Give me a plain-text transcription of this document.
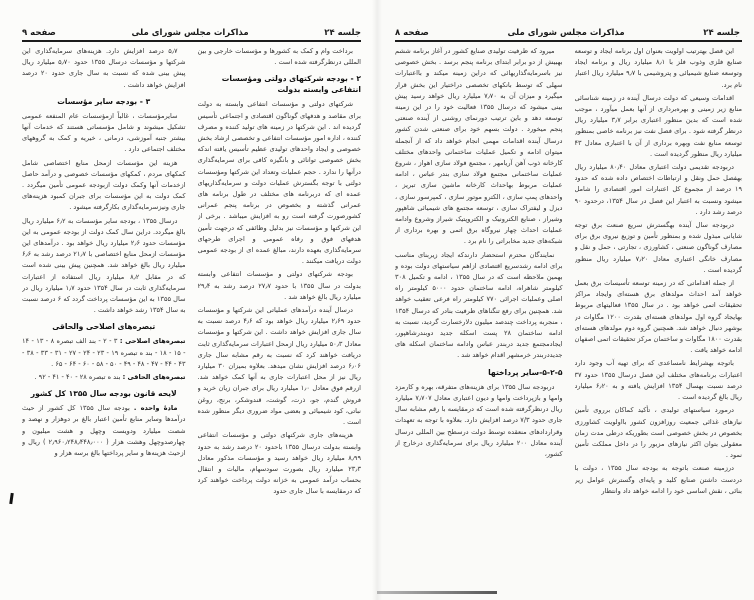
جلسه ۲۴
مذاکرات مجلس شورای ملی
صفحه ۹

برداخت وام و کمک به کشورها و مؤسسات خارجی و بین المللی درنظرگرفته شده است .

۲ - بودجه شرکتهای دولتی ومؤسسات انتفاعی وابسته بدولت

شرکتهای دولتی و مؤسسات انتفاعی وابسته به دولت برای مقاصد و هدفهای گوناگون اقتصادی و اجتماعی تأسیس گردیده اند . این شرکتها در زمینه های تولید کننده و مصرف کننده ، اداره امور مؤسسات انتفاعی و تخصصی ارشاد بخش خصوصی و ایجاد واحدهای تولیدی عظیم تأسیس یافته اندکه بخش خصوصی توانائی و بانگیزه کافی برای سرمایه‌گذاری درآنها را ندارد . حجم عملیات وتعداد این شرکتها ومؤسسات دولتی با توجه بگسترش عملیات دولت و سرمایه‌گذاریهای عمده ای که دربرنامه های مختلف در طول برنامه های عمرانی گذشته و بخصوص در برنامه پنجم عمرانی کشورصورت گرفته است رو به افزایش میباشد . برخی از این شرکتها و مؤسسات نیز بدلیل وظائفی که درجهت تأمین هدفهای فوق و رفاه عمومی و اجرای طرحهای سرمایه‌گذاری بعهده دارند، مبالغ عمده ای از بودجه عمومی دولت دریافت میکنند .

بودجه شرکتهای دولتی و مؤسسات انتفاعی وابسته بدولت در سال ۱۳۵۵ با حدود ۲۷٫۷ درصد رشد به ۲۹٫۴ میلیارد ریال بالغ خواهد شد .

درسال آینده درآمدهای عملیاتی این شرکتها و مؤسسات حدود ۲٫۶۹ میلیارد ریال خواهد بود که ۴٫۶ درصد نسبت به سال جاری افزایش خواهد داشت . این شرکتها و مؤسسات معادل ۵۰٫۳ میلیارد ریال ازمحل اعتبارات سرمایه‌گذاری ثابت دریافت خواهند کرد که نسبت به رقم مشابه سال جاری ۶٫۰۶ درصد افزایش نشان میدهد. بعلاوه بمیزان ۳۰ میلیارد ریال نیز از محل اعتبارات جاری به آنها کمک خواهد شد. ازرقم فوق معادل ۱٫۰ میلیارد ریال برای جبران زیان خرید و فروش گندم، جو، ذرت، گوشت، قندوشکر، برنج، روغن نباتی، کود شیمیائی و بعضی مواد ضروری دیگر منظور شده است .

هزینه‌های جاری شرکتهای دولتی و مؤسسات انتفاعی وابسته بدولت درسال ۱۳۵۵ باحدود ۲۰ درصد رشد به حدود ۸٫۹۹ میلیارد ریال خواهد رسید و مؤسسات مذکور معادل ۲۳٫۳ میلیارد ریال بصورت سودسهام، مالیات و انتقال بحساب درآمد عمومی به خزانه دولت پرداخت خواهند کرد که درمقایسه با سال جاری حدود

۵٫۷ درصد افزایش دارد. هزینه‌های سرمایه‌گذاری این شرکتها و مؤسسات درسال ۱۳۵۵ حدود ۵٫۷۰ میلیارد ریال پیش بینی شده که نسبت به سال جاری حدود ۲۰ درصد افزایش خواهد داشت .

۳ - بودجه سایر مؤسسات

سایرمؤسسات ، غالباً ازمؤسسات عام المنفعه عمومی تشکیل میشوند و شامل مؤسساتی هستند که خدمات آنها بیشتر جنبه آموزشی، درمانی ، خیریه و کمک به گروههای مختلف اجتماعی دارد .

هزینه این مؤسسات ازمحل منابع اختصاصی شامل کمکهای مردم ، کمکهای مؤسسات خصوصی و درآمد حاصل ازخدمات آنها وکمک دولت ازبودجه عمومی تأمین میگردد . کمک دولت به این مؤسسات برای جبران کمبود هزینه‌های جاری ونیزسرمایه‌گذاری بکارگرفته میشود .

درسال ۱۳۵۵ ، بودجه سایر مؤسسات به ۶٫۲ میلیارد ریال بالغ میگردد. دراین سال کمک دولت از بودجه عمومی به این مؤسسات حدود ۲٫۶ میلیارد ریال خواهد بود . درآمدهای این مؤسسات ازمحل منابع اختصاصی با ۲۱٫۷ درصد رشد به ۶٫۶ میلیارد ریال بالغ خواهد شد. همچنین پیش بینی شده است که در مقابل ۸٫۲ میلیارد ریال استفاده از اعتبارات سرمایه‌گذاری ثابت در سال ۱۳۵۴ حدود ۱٫۷ میلیارد ریال در سال ۱۳۵۵ به این مؤسسات پرداخت گردد که ۶ درصد نسبت به سال ۱۳۵۴ رشد خواهد داشت .

تبصره‌های اصلاحی والحاقی

تبصره‌های اصلاحی : ۳ - ۲ - بند الف تبصره ۸ - ۱۳ - ۱۴ - ۱۵ - ۱۸ - بند ه تبصره ۱۹ - ۲۳ - ۲۴ - ۲۷ - ۳۱ - ۳۳ - ۳۸ - ۴۳ - ۴۴ - ۴۷ - ۴۸ - ۴۹ - ۵۰ - ۵۸ - ۶۰ - ۶۴ - ۶۵ .

تبصره‌های الحاقی : بند ه تبصره ۲۸ - ۴۰ - ۴۱ - ۹۲ .

لایحه قانون بودجه سال ۱۳۵۵ کل کشور

مادهٔ واحده . بودجه سال ۱۳۵۵ کل کشور از حیث درآمدها وسایر منابع تأمین اعتبار بالغ بر دوهزار و نهصد و شصت میلیارد ودویست وچهل و هشت میلیون و چهارصدوچهل وهشت هزار ( ۲٫۹۶۰٫۲۴۸٫۴۴۸٫۰۰۰ ) ریال و ازحیث هزینه‌ها و سایر پرداختها بالغ برسه هزار و

جلسه ۲۴
مذاکرات مجلس شورای ملی
صفحه ۸

این فصل بهترتیب اولویت بعنوان اول برنامه ایجاد و توسعه صنایع فلزی وذوب فلز با ۸٫۱ میلیارد ریال و برنامه ایجاد وتوسعه صنایع شیمیائی و پتروشیمی با ۹٫۷ میلیارد ریال اعتبار نام برد.

اقدامات وسیعی که دولت درسال آینده در زمینه شناسائی منابع زیر زمینی و بهره‌برداری از آنها بعمل میآورد ، موجب شده است که بدین منظور اعتباری برابر ۳٫۷ میلیارد ریال درنظر گرفته شود . برای فصل نفت نیز برنامه خاصی بمنظور توسعه منابع نفت وبهره برداری از آن با اعتباری معادل ۴۳ میلیارد ریال منظور گردیده است .

دربودجه تقدیمی دولت اعتباری معادل ۸۰٫۴۰ میلیارد ریال بهفصل حمل ونقل و ارتباطات اختصاص داده شده که حدود ۱۹ درصد از مجموع کل اعتبارات امور اقتصادی را شامل میشود ونسبت به اعتبار این فصل در سال ۱۳۵۴، درحدود ۹۰ درصد رشد دارد .

دربودجه سال آینده بهگسترش سریع صنعت برق توجه شایانی مبذول شده و بمنظور تأمین و توزیع نیروی برق برای مصارف گوناگون صنعتی ، کشاورزی ، تجارتی ، حمل و نقل و مصارف خانگی اعتباری معادل ۷٫۲۰ میلیارد ریال منظور گردیده است .

از جمله اقداماتی که در زمینه توسعه تأسیسات برق بعمل خواهد آمد احداث مولدهای برق هسته‌ای وایجاد مراکز تحقیقات اتمی خواهد بود . در سال ۱۳۵۵ فعالیتهای مربوط بهایجاد گروه اول مولدهای هسته‌ای بقدرت ۱۲۰۰ مگاوات در بوشهر دنبال خواهد شد. همچنین گروه دوم مولدهای هسته‌ای بقدرت ۱۸۰۰ مگاوات و ساختمان مرکز تحقیقات اتمی اصفهان ادامه خواهد یافت .

باتوجه بهشرایط نامساعدی که برای تهیه آب وجود دارد اعتبارات برنامه‌های مختلف این فصل درسال ۱۳۵۵ حدود ۳۷ درصد نسبت بهسال ۱۳۵۴ افزایش یافته و به ۶٫۲۰ میلیارد ریال بالغ گردیده است .

درمورد سیاستهای تولیدی ، تأکید کماکان برروی تأمین نیازهای غذائی جمعیت روزافزون کشور بااولویت کشاورزی بخصوص در بخش خصوصی است بطوریکه درطی مدت زمان معقولی بتوان اکثر نیازهای مزبور را در داخل مملکت تأمین نمود .

درزمینه صنعت باتوجه به بودجه سال ۱۳۵۵ ، دولت با دردست داشتن صنایع کلید و پایه‌ای وگسترش عوامل زیر بنائی ، نقش اساسی خود را ادامه خواهد داد وانتظار

میرود که ظرفیت تولیدی صنایع کشور در آغاز برنامه ششم بهبیش از دو برابر ابتدای برنامه پنجم برسد . بخش خصوصی نیز باسرمایه‌گذاریهائی که دراین زمینه میکند و بااعتبارات سهلی که توسط بانکهای تخصصی دراختیار این بخش قرار میگیرد و میزان آن به ۷٫۷۰ میلیارد ریال خواهد رسید پیش بینی میشود که درسال ۱۳۵۵ فعالیت خود را در این زمینه توسعه دهد و باین ترتیب دورنمای روشنی از آینده صنعتی پنجم میخورد . دولت بسهم خود برای صنعتی شدن کشور درسال آینده اقدامات مهمی انجام خواهد داد که از آنجمله میتوان ادامه و تکمیل عملیات ساختمانی واحدهای مختلف کارخانه ذوب آهن آریامهر ، مجتمع فولاد سازی اهواز ، شروع عملیات ساختمانی مجتمع فولاد سازی بندر عباس ، ادامه عملیات مربوط بهاحداث کارخانه ماشین سازی تبریز ، واحدهای پمپ سازی ، الکترو موتور سازی ، کمپرسور سازی ، دیزل و لیفتراک سازی ، توسعه مجتمع های شیمیائی شاهپور وشیراز ، صنایع الکترونیک و الکتروپتیک شیراز وشروع وادامه عملیات احداث چهار نیروگاه برق اتمی و بهره برداری از شبکه‌های جدید مخابراتی را نام برد .

نمایندگان محترم استحضار دارندکه ایجاد زیربنای مناسب برای ادامه رشدسریع اقتصادی ازاهم سیاستهای دولت بوده و بهمین ملاحظه است که در سال ۱۳۵۵ ، ادامه و تکمیل ۳۰۸ کیلومتر شاهراه، ادامه ساختمان حدود ۵۰۰۰ کیلومتر راه اصلی وعملیات اجرائی ۷۷۰ کیلومتر راه فرعی تعقیب خواهد شد. همچنین برای رفع تنگناهای ظرفیت بنادر که درسال ۱۳۵۴ ، منجربه پرداخت چندصد میلیون دلارخسارت گردید، نسبت به ادامه ساختمان ۲۸ پست اسکله جدید دوبندرشاهپور، ایجادمجتمع جدید دربندر عباس وادامه ساختمان اسکله های جدیددربندر خرمشهر اقدام خواهد شد .

۵-۲-۵-سایر پرداختها

دربودجه سال ۱۳۵۵ برای هزینه‌های متفرقه، بهره و کارمزد وامها و بازپرداخت وامها و دیون اعتباری معادل ۷٫۷۰۷ میلیارد ریال درنظرگرفته شده است که درمقایسه با رقم مشابه سال جاری حدود ۷/۳ درصد افزایش دارد. بعلاوه با توجه به تعهدات وقراردادهای منعقده توسط دولت درسطح بین المللی درسال آینده معادل ۲۰۰ میلیارد ریال برای سرمایه‌گذاری درخارج از کشور،
